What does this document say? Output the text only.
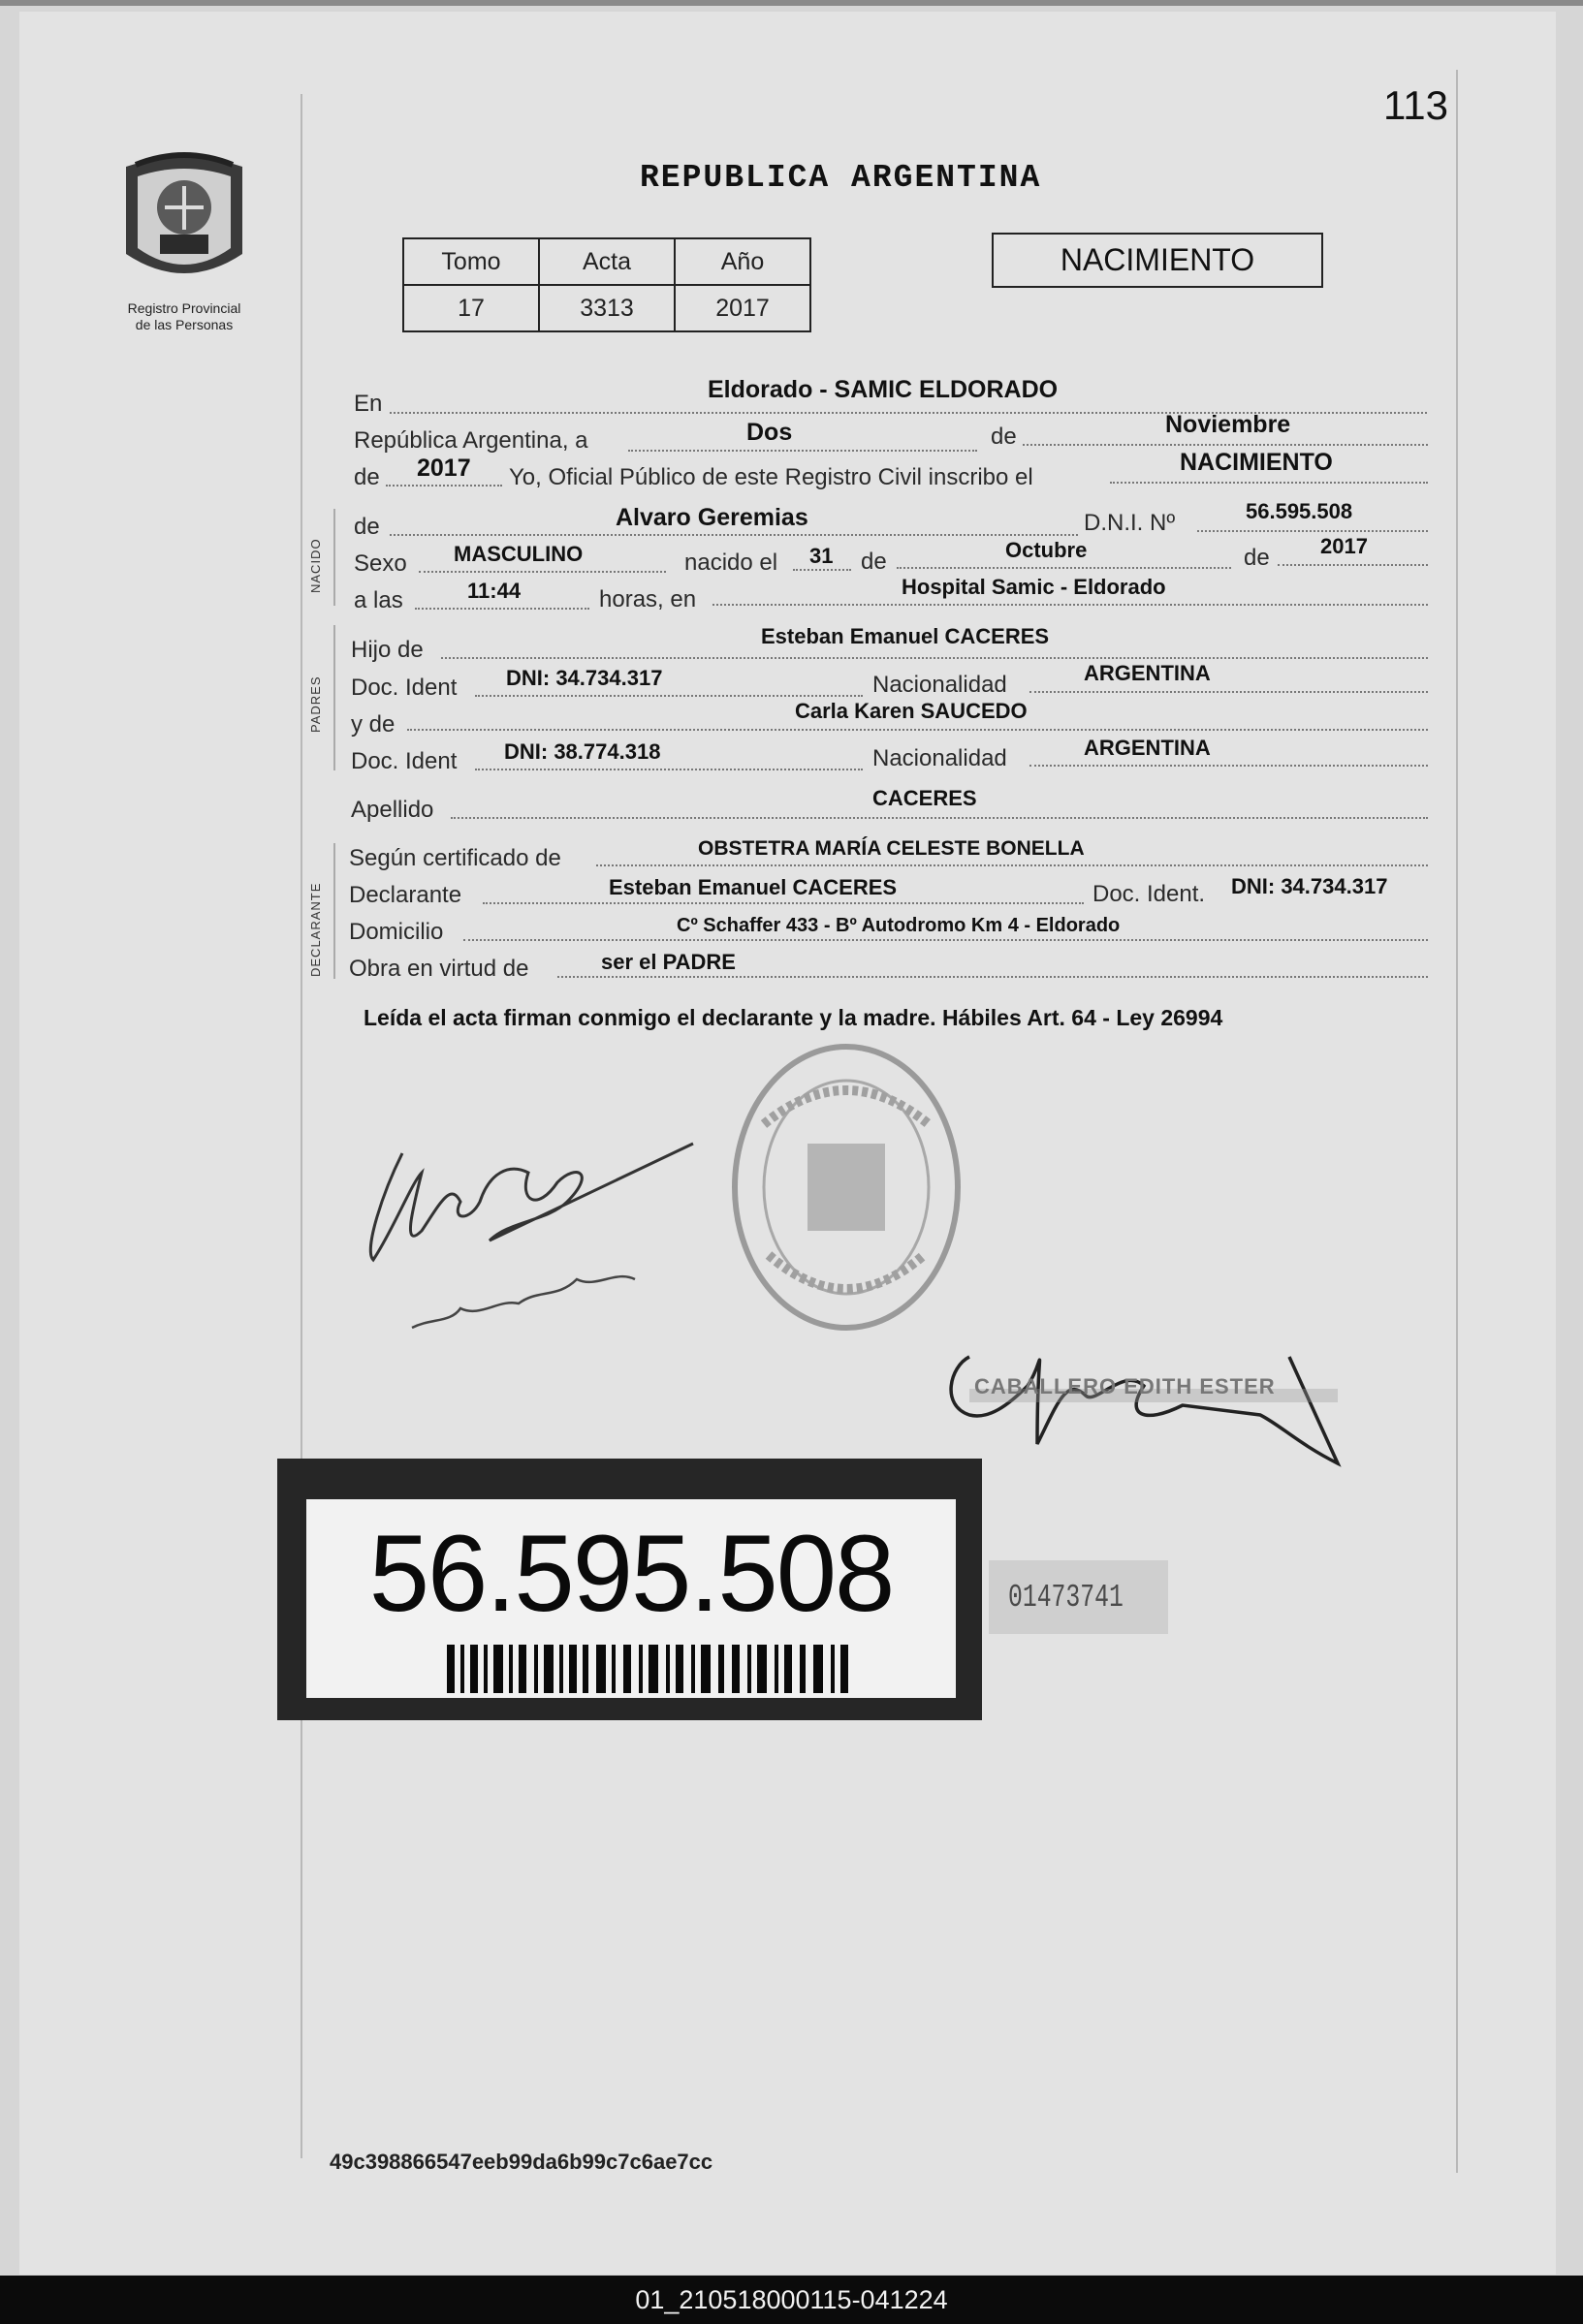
113
Registro Provincial
de las Personas
REPUBLICA ARGENTINA
Tomo	Acta	Año
17	3313	2017
NACIMIENTO
NACIDO
PADRES
DECLARANTE
En
Eldorado - SAMIC ELDORADO
República Argentina, a	Dos	de	Noviembre
de 2017 Yo, Oficial Público de este Registro Civil inscribo el
NACIMIENTO
de	Alvaro Geremias	D.N.I. Nº	56.595.508
Sexo MASCULINO	nacido el 31 de	Octubre	de 2017
a las	11:44	horas, en	Hospital Samic - Eldorado
Hijo de
Esteban Emanuel CACERES
Doc. Ident DNI: 34.734.317	Nacionalidad	ARGENTINA
y de
Carla Karen SAUCEDO
Doc. Ident DNI: 38.774.318	Nacionalidad	ARGENTINA
Apellido	CACERES
Según certificado de	OBSTETRA MARÍA CELESTE BONELLA
Declarante	Esteban Emanuel CACERES	Doc. Ident. DNI: 34.734.317
Domicilio	Cº Schaffer 433 - Bº Autodromo Km 4 - Eldorado
Obra en virtud de	ser el PADRE
Leída el acta firman conmigo el declarante y la madre. Hábiles Art. 64 - Ley 26994
CABALLERO EDITH ESTER
56.595.508	01473741
49c398866547eeb99da6b99c7c6ae7cc
01_210518000115-041224
